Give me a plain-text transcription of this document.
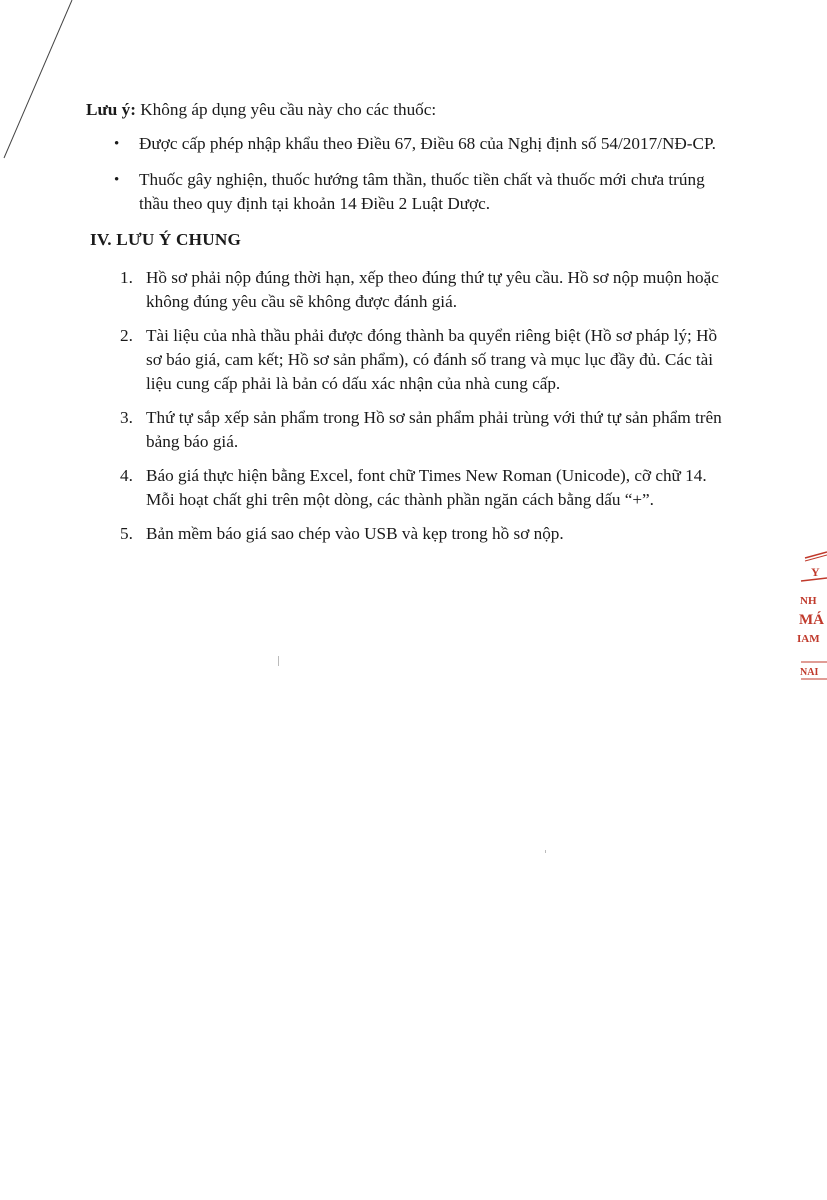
Lưu ý: Không áp dụng yêu cầu này cho các thuốc:

• Được cấp phép nhập khẩu theo Điều 67, Điều 68 của Nghị định số 54/2017/NĐ-CP.
• Thuốc gây nghiện, thuốc hướng tâm thần, thuốc tiền chất và thuốc mới chưa trúng thầu theo quy định tại khoản 14 Điều 2 Luật Dược.
IV. LƯU Ý CHUNG
1. Hồ sơ phải nộp đúng thời hạn, xếp theo đúng thứ tự yêu cầu. Hồ sơ nộp muộn hoặc không đúng yêu cầu sẽ không được đánh giá.
2. Tài liệu của nhà thầu phải được đóng thành ba quyển riêng biệt (Hồ sơ pháp lý; Hồ sơ báo giá, cam kết; Hồ sơ sản phẩm), có đánh số trang và mục lục đầy đủ. Các tài liệu cung cấp phải là bản có dấu xác nhận của nhà cung cấp.
3. Thứ tự sắp xếp sản phẩm trong Hồ sơ sản phẩm phải trùng với thứ tự sản phẩm trên bảng báo giá.
4. Báo giá thực hiện bằng Excel, font chữ Times New Roman (Unicode), cỡ chữ 14. Mỗi hoạt chất ghi trên một dòng, các thành phần ngăn cách bằng dấu “+”.
5. Bản mềm báo giá sao chép vào USB và kẹp trong hồ sơ nộp.
Y
NH
MÁ
IAM
NAI
